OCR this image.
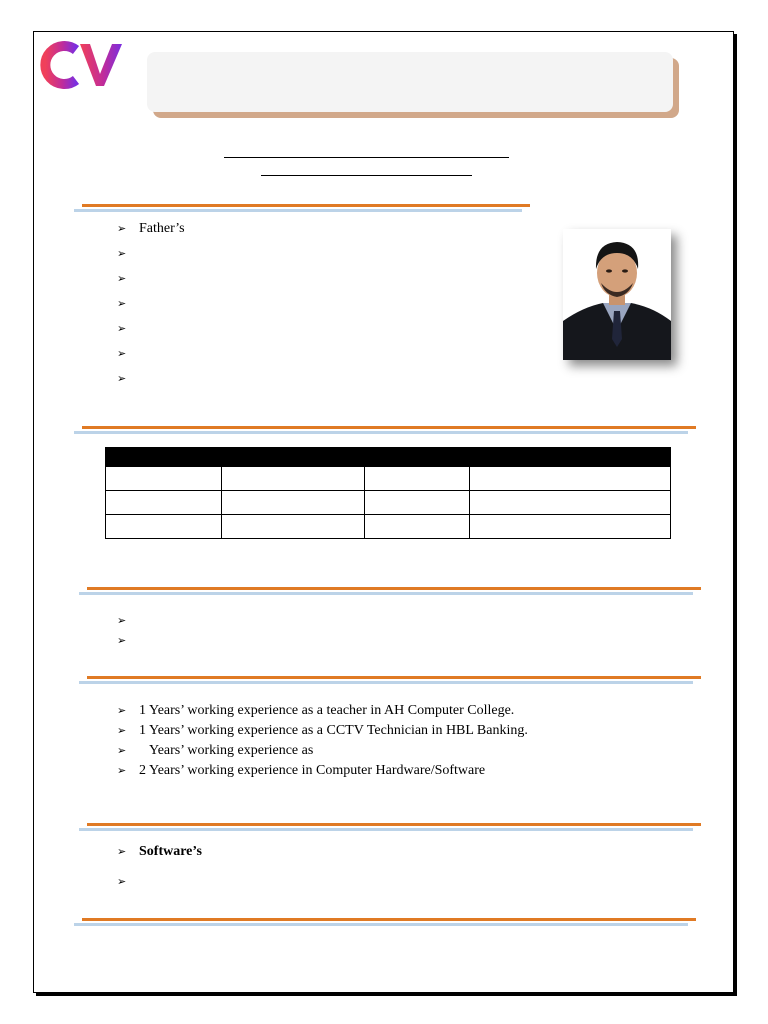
➢ Father’s
➢
➢
➢
➢
➢
➢

➢
➢
➢ 1 Years’ working experience as a teacher in AH Computer College.
➢ 1 Years’ working experience as a CCTV Technician in HBL Banking.
➢ Years’ working experience as
➢ 2 Years’ working experience in Computer Hardware/Software
➢ Software’s
➢
